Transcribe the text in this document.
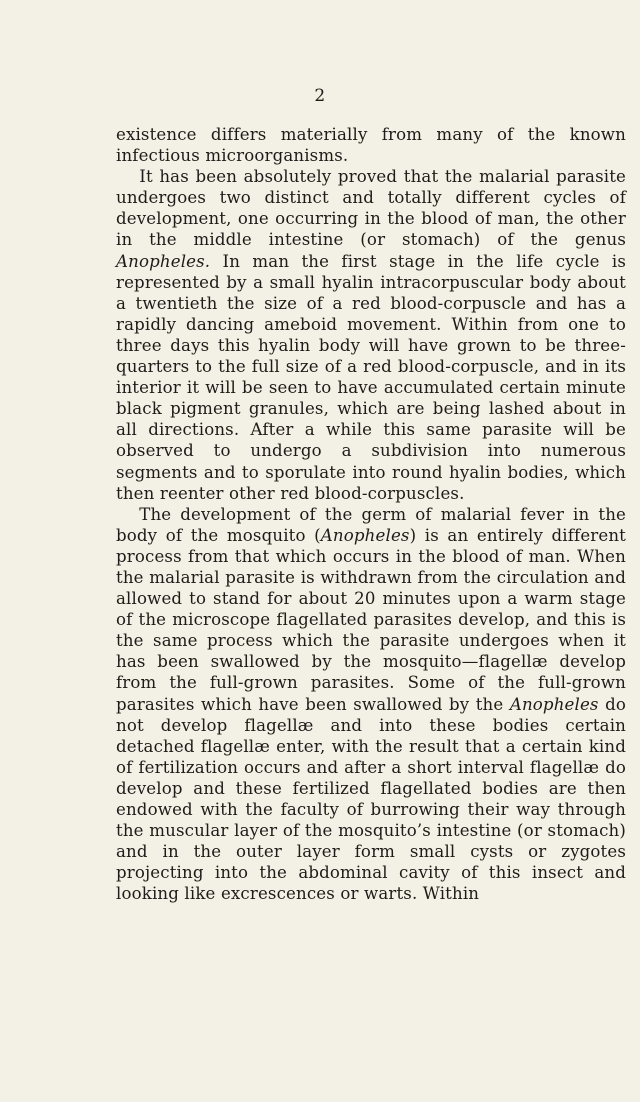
2

existence differs materially from many of the known infectious microorganisms.

It has been absolutely proved that the malarial parasite undergoes two distinct and totally different cycles of development, one occurring in the blood of man, the other in the middle intestine (or stomach) of the genus Anopheles. In man the first stage in the life cycle is represented by a small hyalin intracorpuscular body about a twentieth the size of a red blood-corpuscle and has a rapidly dancing ameboid movement. Within from one to three days this hyalin body will have grown to be three-quarters to the full size of a red blood-corpuscle, and in its interior it will be seen to have accumulated certain minute black pigment granules, which are being lashed about in all directions. After a while this same parasite will be observed to undergo a subdivision into numerous segments and to sporulate into round hyalin bodies, which then reenter other red blood-corpuscles.

The development of the germ of malarial fever in the body of the mosquito (Anopheles) is an entirely different process from that which occurs in the blood of man. When the malarial parasite is withdrawn from the circulation and allowed to stand for about 20 minutes upon a warm stage of the microscope flagellated parasites develop, and this is the same process which the parasite undergoes when it has been swallowed by the mosquito—flagellæ develop from the full-grown parasites. Some of the full-grown parasites which have been swallowed by the Anopheles do not develop flagellæ and into these bodies certain detached flagellæ enter, with the result that a certain kind of fertilization occurs and after a short interval flagellæ do develop and these fertilized flagellated bodies are then endowed with the faculty of burrowing their way through the muscular layer of the mosquito’s intestine (or stomach) and in the outer layer form small cysts or zygotes projecting into the abdominal cavity of this insect and looking like excrescences or warts. Within
